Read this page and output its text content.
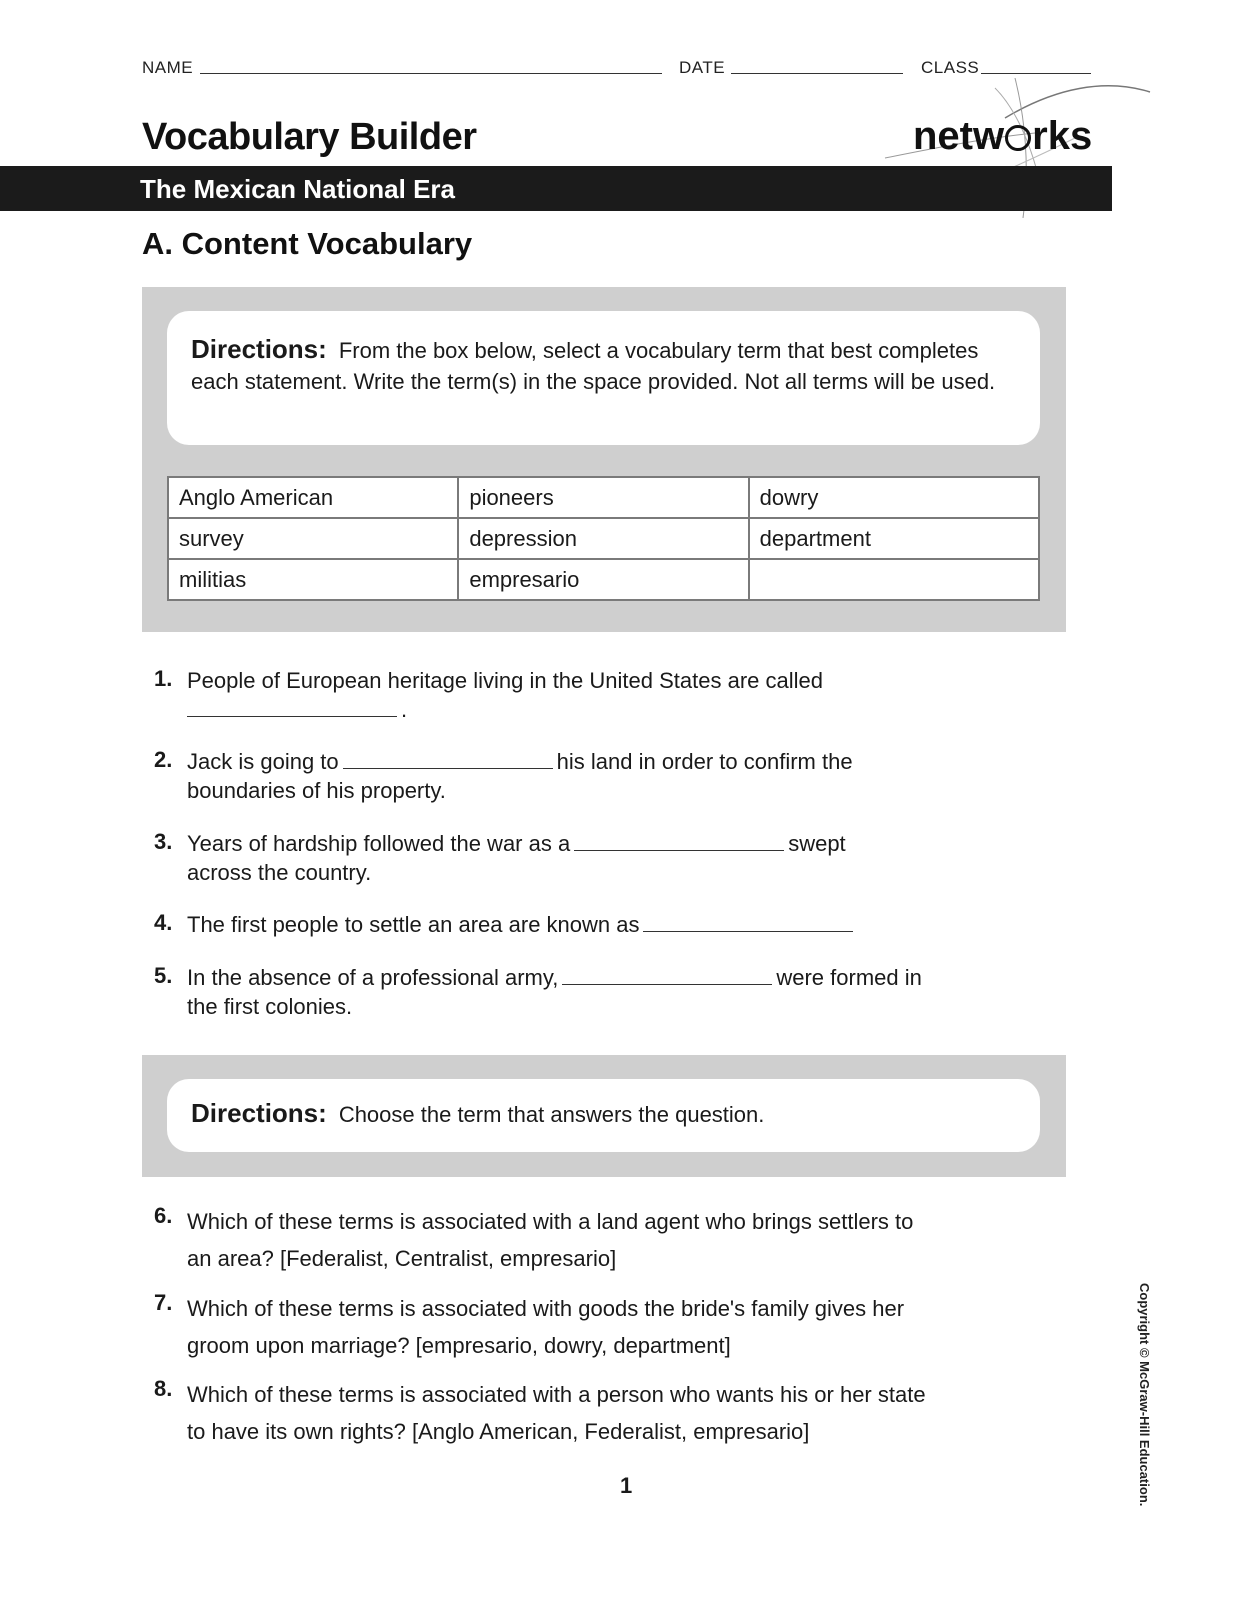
NAME	DATE	CLASS
Vocabulary Builder	netw rks
The Mexican National Era
A. Content Vocabulary
Directions: From the box below, select a vocabulary term that best completes each statement. Write the term(s) in the space provided. Not all terms will be used.
Anglo American	pioneers	dowry
survey	depression	department
militias	empresario	
1. People of European heritage living in the United States are called
.
2. Jack is going to	his land in order to confirm the boundaries of his property.
3. Years of hardship followed the war as a	swept across the country.
4. The first people to settle an area are known as
5. In the absence of a professional army,	were formed in the first colonies.
Directions: Choose the term that answers the question.
6. Which of these terms is associated with a land agent who brings settlers to an area? [Federalist, Centralist, empresario]
7. Which of these terms is associated with goods the bride's family gives her groom upon marriage? [empresario, dowry, department]
8. Which of these terms is associated with a person who wants his or her state to have its own rights? [Anglo American, Federalist, empresario]
1	Copyright © McGraw-Hill Education.
